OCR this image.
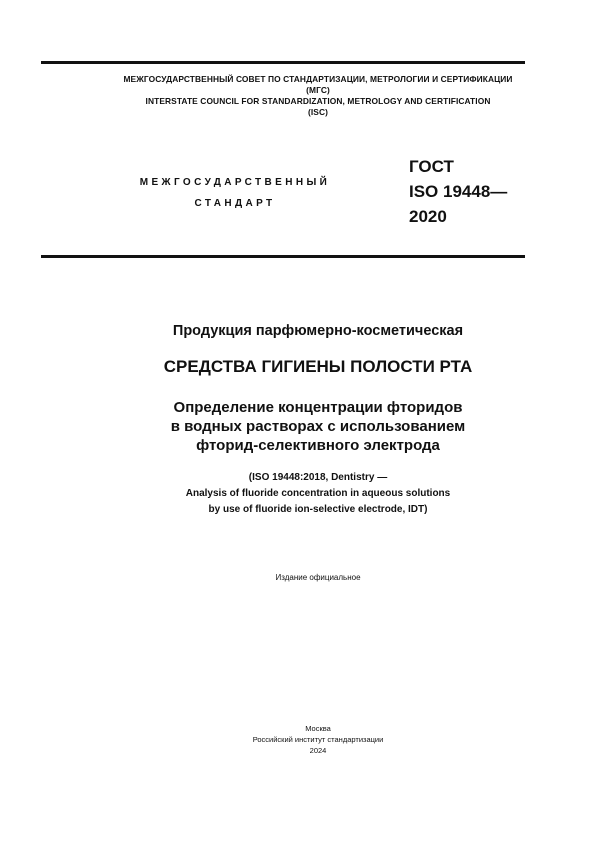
МЕЖГОСУДАРСТВЕННЫЙ СОВЕТ ПО СТАНДАРТИЗАЦИИ, МЕТРОЛОГИИ И СЕРТИФИКАЦИИ
(МГС)
INTERSTATE COUNCIL FOR STANDARDIZATION, METROLOGY AND CERTIFICATION
(ISC)
МЕЖГОСУДАРСТВЕННЫЙ
СТАНДАРТ
ГОСТ
ISO 19448—
2020
Продукция парфюмерно-косметическая
СРЕДСТВА ГИГИЕНЫ ПОЛОСТИ РТА
Определение концентрации фторидов
в водных растворах с использованием
фторид-селективного электрода
(ISO 19448:2018, Dentistry —
Analysis of fluoride concentration in aqueous solutions
by use of fluoride ion-selective electrode, IDT)
Издание официальное
Москва
Российский институт стандартизации
2024
